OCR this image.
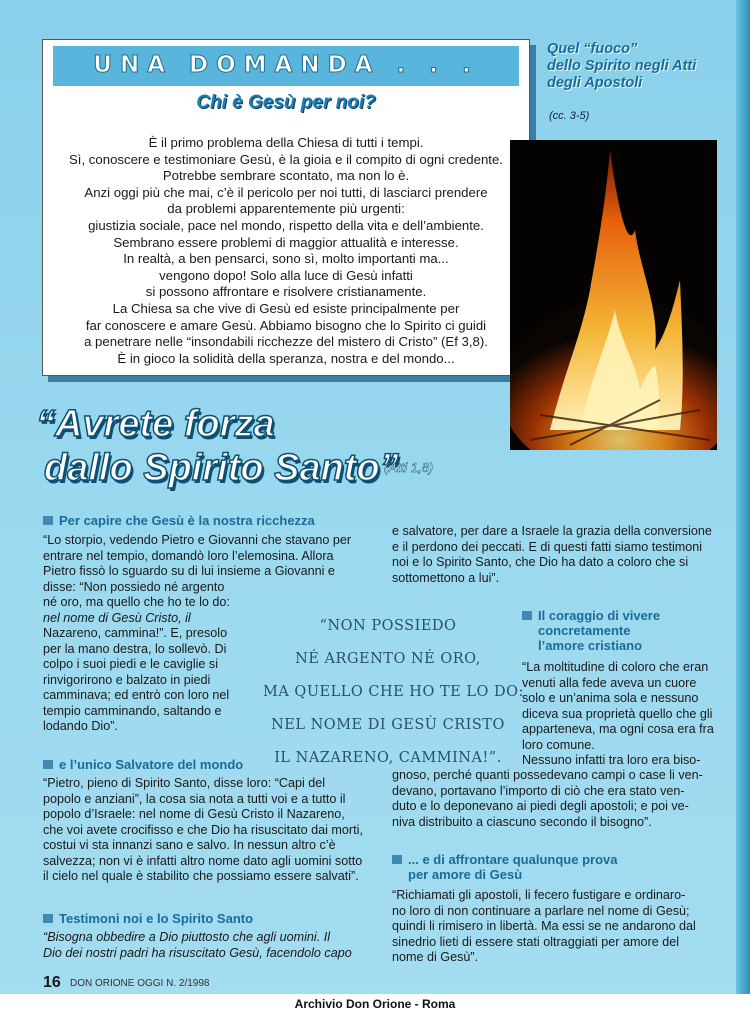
UNA DOMANDA . . .
Chi è Gesù per noi?
È il primo problema della Chiesa di tutti i tempi.
Sì, conoscere e testimoniare Gesù, è la gioia e il compito di ogni credente.
Potrebbe sembrare scontato, ma non lo è.
Anzi oggi più che mai, c’è il pericolo per noi tutti, di lasciarci prendere
da problemi apparentemente più urgenti:
giustizia sociale, pace nel mondo, rispetto della vita e dell’ambiente.
Sembrano essere problemi di maggior attualità e interesse.
In realtà, a ben pensarci, sono sì, molto importanti ma...
vengono dopo! Solo alla luce di Gesù infatti
si possono affrontare e risolvere cristianamente.
La Chiesa sa che vive di Gesù ed esiste principalmente per
far conoscere e amare Gesù. Abbiamo bisogno che lo Spirito ci guidi
a penetrare nelle “insondabili ricchezze del mistero di Cristo” (Ef 3,8).
È in gioco la solidità della speranza, nostra e del mondo...
Quel “fuoco”
dello Spirito negli Atti
degli Apostoli
(cc. 3-5)
“Avrete forza
dallo Spirito Santo”
(Atti 1,8)
Per capire che Gesù è la nostra ricchezza
“Lo storpio, vedendo Pietro e Giovanni che stavano per
entrare nel tempio, domandò loro l’elemosina. Allora
Pietro fissò lo sguardo su di lui insieme a Giovanni e
disse: “Non possiedo né argento
né oro, ma quello che ho te lo do:
nel nome di Gesù Cristo, il
Nazareno, cammina!”. E, presolo
per la mano destra, lo sollevò. Di
colpo i suoi piedi e le caviglie si
rinvigorirono e balzato in piedi
camminava; ed entrò con loro nel
tempio camminando, saltando e
lodando Dio”.
“NON POSSIEDO
NÉ ARGENTO NÉ ORO,
MA QUELLO CHE HO TE LO DO:
NEL NOME DI GESÙ CRISTO
IL NAZARENO, CAMMINA!”.
e l’unico Salvatore del mondo
“Pietro, pieno di Spirito Santo, disse loro: “Capi del
popolo e anziani”, la cosa sia nota a tutti voi e a tutto il
popolo d’Israele: nel nome di Gesù Cristo il Nazareno,
che voi avete crocifisso e che Dio ha risuscitato dai morti,
costui vi sta innanzi sano e salvo. In nessun altro c’è
salvezza; non vi è infatti altro nome dato agli uomini sotto
il cielo nel quale è stabilito che possiamo essere salvati”.
Testimoni noi e lo Spirito Santo
“Bisogna obbedire a Dio piuttosto che agli uomini. Il
Dio dei nostri padri ha risuscitato Gesù, facendolo capo
e salvatore, per dare a Israele la grazia della conversione
e il perdono dei peccati. E di questi fatti siamo testimoni
noi e lo Spirito Santo, che Dio ha dato a coloro che si
sottomettono a lui”.
Il coraggio di vivere
concretamente
l’amore cristiano
“La moltitudine di coloro che eran
venuti alla fede aveva un cuore
solo e un’anima sola e nessuno
diceva sua proprietà quello che gli
apparteneva, ma ogni cosa era fra
loro comune.
Nessuno infatti tra loro era biso-
gnoso, perché quanti possedevano campi o case li ven-
devano, portavano l’importo di ciò che era stato ven-
duto e lo deponevano ai piedi degli apostoli; e poi ve-
niva distribuito a ciascuno secondo il bisogno”.
... e di affrontare qualunque prova
per amore di Gesù
“Richiamati gli apostoli, li fecero fustigare e ordinaro-
no loro di non continuare a parlare nel nome di Gesù;
quindi li rimisero in libertà. Ma essi se ne andarono dal
sinedrio lieti di essere stati oltraggiati per amore del
nome di Gesù”.
16 DON ORIONE OGGI N. 2/1998
Archivio Don Orione - Roma
